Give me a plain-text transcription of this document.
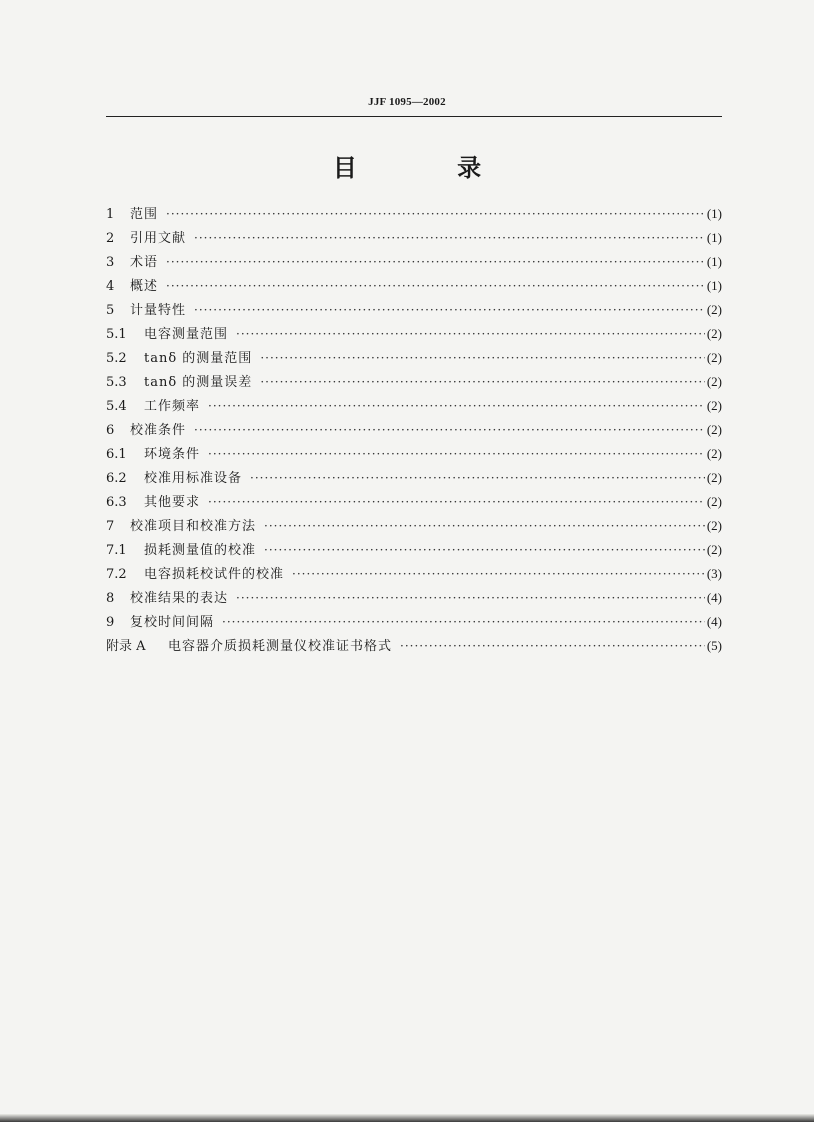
JJF 1095—2002
目 录
1	范围 ·····	(1)
2	引用文献 ·····	(1)
3	术语 ·····	(1)
4	概述 ·····	(1)
5	计量特性 ·····	(2)
5.1	电容测量范围 ·····	(2)
5.2	tanδ 的测量范围 ·····	(2)
5.3	tanδ 的测量误差 ·····	(2)
5.4	工作频率 ·····	(2)
6	校准条件 ·····	(2)
6.1	环境条件 ·····	(2)
6.2	校准用标准设备 ·····	(2)
6.3	其他要求 ·····	(2)
7	校准项目和校准方法 ·····	(2)
7.1	损耗测量值的校准 ·····	(2)
7.2	电容损耗校试件的校准 ·····	(3)
8	校准结果的表达 ·····	(4)
9	复校时间间隔 ·····	(4)
附录 A	电容器介质损耗测量仪校准证书格式 ·····	(5)
